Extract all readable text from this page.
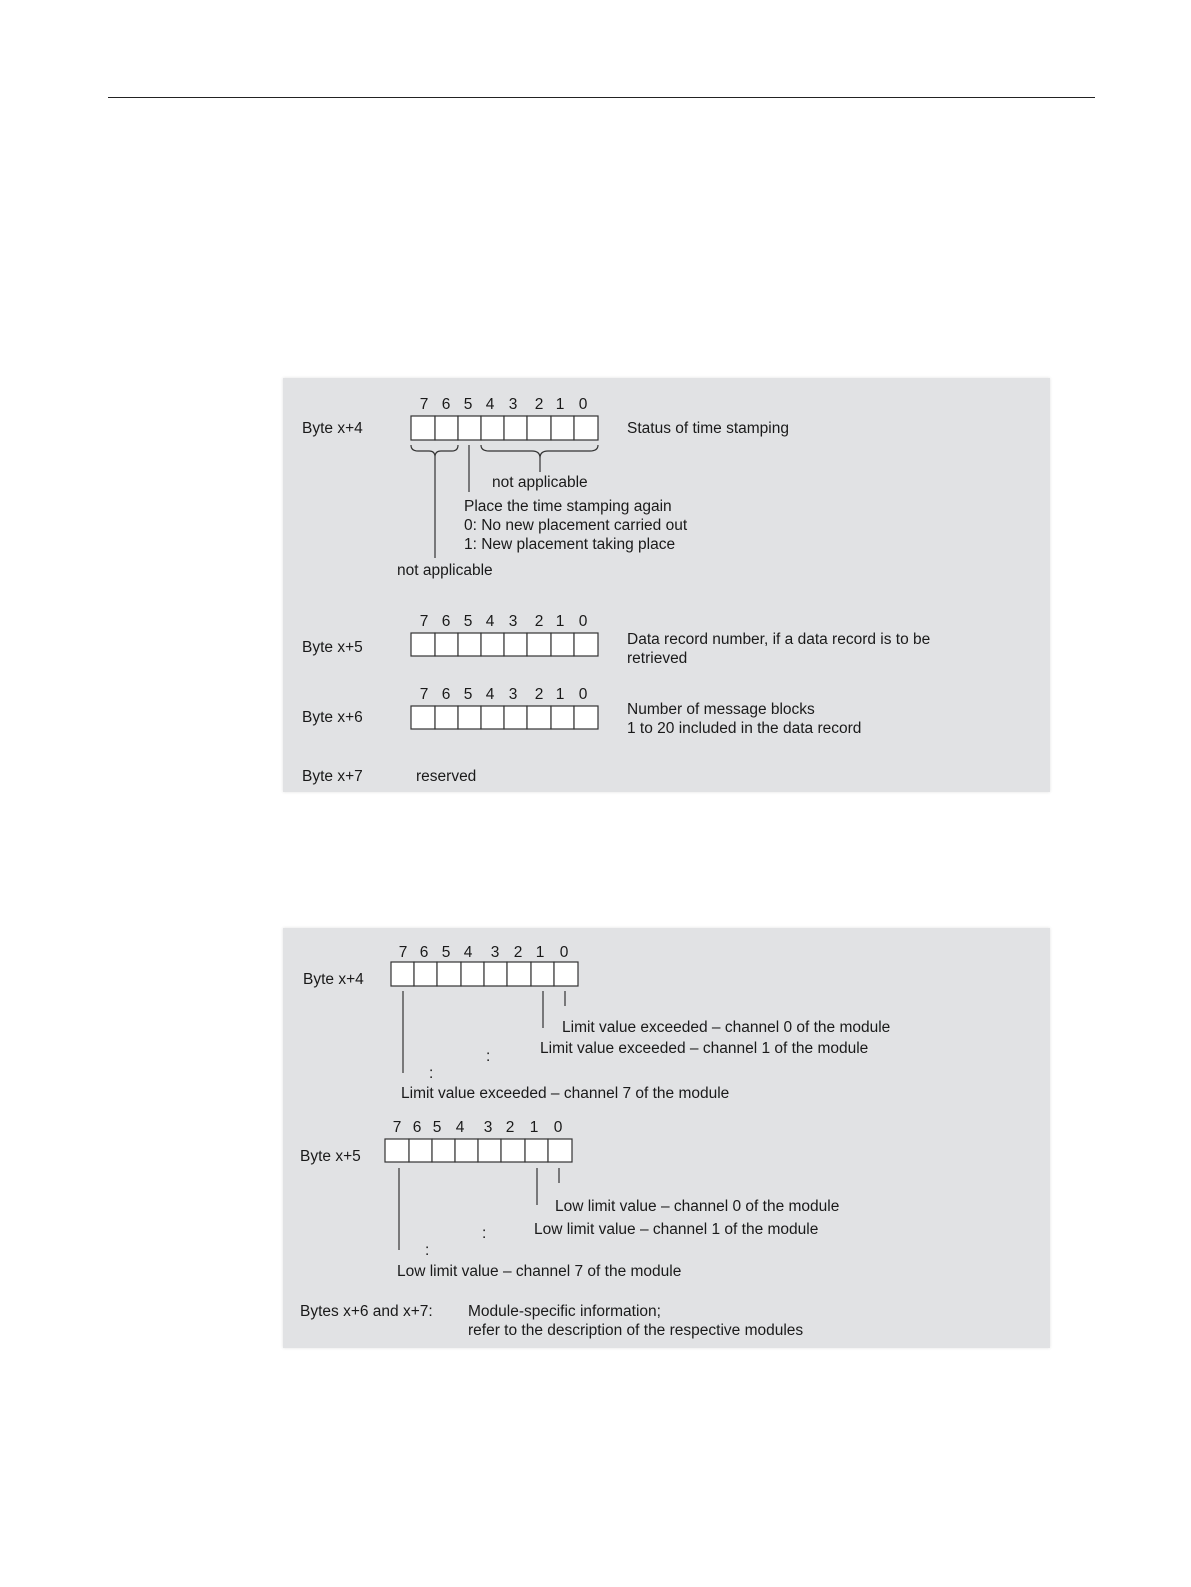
7 6 5 4 3 2 1 0
Byte x+4	Status of time stamping
not applicable
Place the time stamping again
0: No new placement carried out
1: New placement taking place
not applicable
7 6 5 4 3 2 1 0
Byte x+5	Data record number, if a data record is to be
retrieved
7 6 5 4 3 2 1 0
Byte x+6	Number of message blocks
1 to 20 included in the data record
Byte x+7	reserved
7 6 5 4 3 2 1 0
Byte x+4
Limit value exceeded – channel 0 of the module
Limit value exceeded – channel 1 of the module
:
:
Limit value exceeded – channel 7 of the module
7 6 5 4 3 2 1 0
Byte x+5
Low limit value – channel 0 of the module
Low limit value – channel 1 of the module
:
:
Low limit value – channel 7 of the module
Bytes x+6 and x+7: Module-specific information;
refer to the description of the respective modules
